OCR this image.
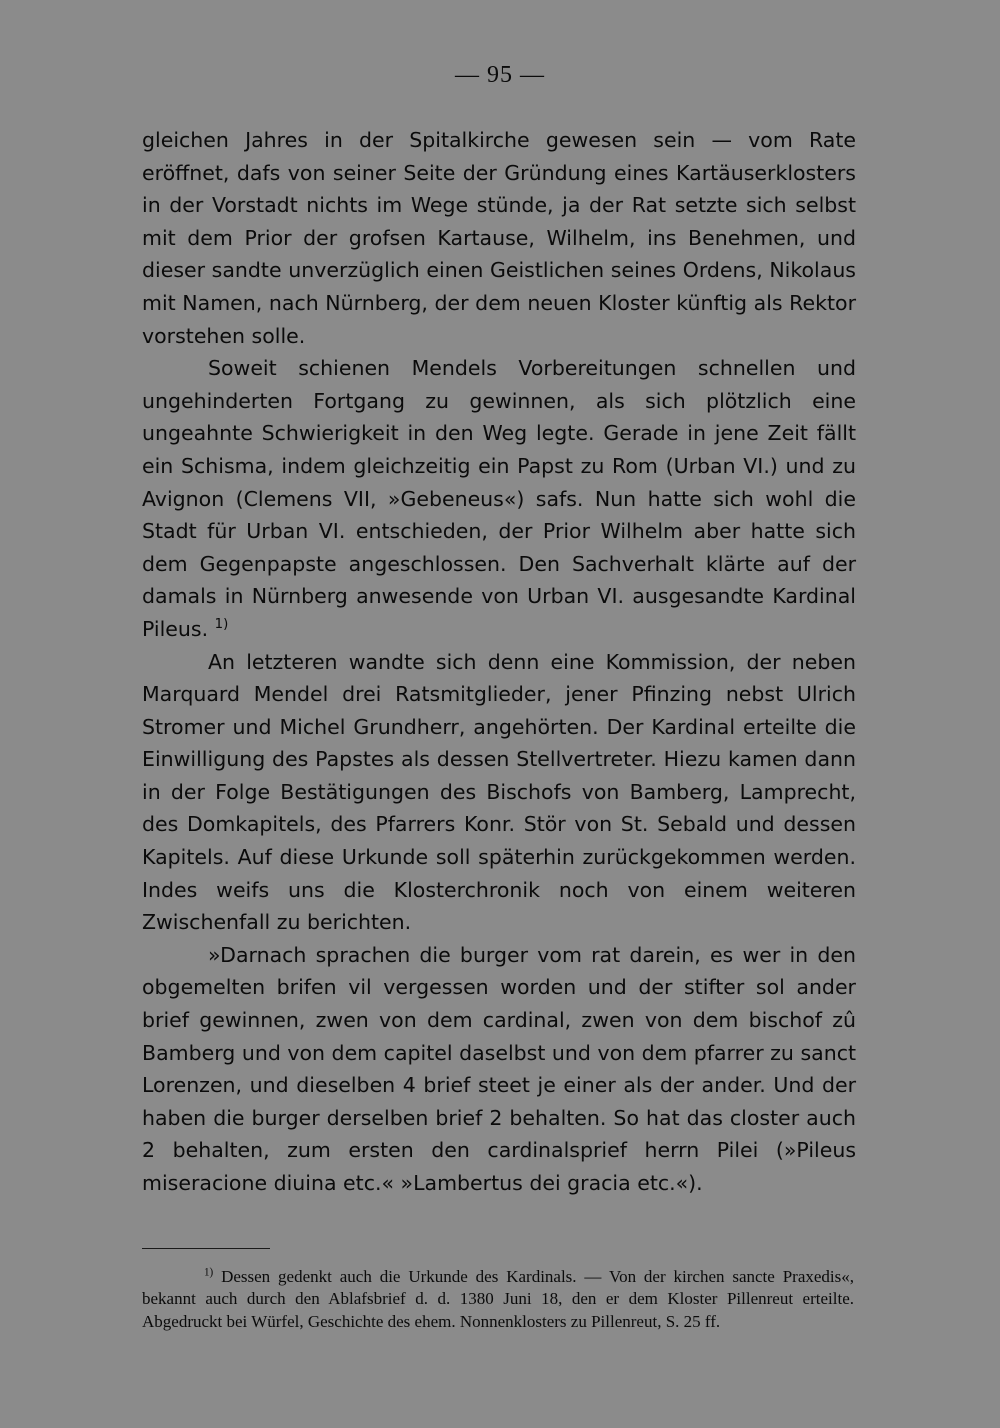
— 95 —

gleichen Jahres in der Spitalkirche gewesen sein — vom Rate eröffnet, dafs von seiner Seite der Gründung eines Kartäuserklosters in der Vorstadt nichts im Wege stünde, ja der Rat setzte sich selbst mit dem Prior der grofsen Kartause, Wilhelm, ins Benehmen, und dieser sandte unverzüglich einen Geistlichen seines Ordens, Nikolaus mit Namen, nach Nürnberg, der dem neuen Kloster künftig als Rektor vorstehen solle.

Soweit schienen Mendels Vorbereitungen schnellen und ungehinderten Fortgang zu gewinnen, als sich plötzlich eine ungeahnte Schwierigkeit in den Weg legte. Gerade in jene Zeit fällt ein Schisma, indem gleichzeitig ein Papst zu Rom (Urban VI.) und zu Avignon (Clemens VII, »Gebeneus«) safs. Nun hatte sich wohl die Stadt für Urban VI. entschieden, der Prior Wilhelm aber hatte sich dem Gegenpapste angeschlossen. Den Sachverhalt klärte auf der damals in Nürnberg anwesende von Urban VI. ausgesandte Kardinal Pileus. $^{1)}$

An letzteren wandte sich denn eine Kommission, der neben Marquard Mendel drei Ratsmitglieder, jener Pfinzing nebst Ulrich Stromer und Michel Grundherr, angehörten. Der Kardinal erteilte die Einwilligung des Papstes als dessen Stellvertreter. Hiezu kamen dann in der Folge Bestätigungen des Bischofs von Bamberg, Lamprecht, des Domkapitels, des Pfarrers Konr. Stör von St. Sebald und dessen Kapitels. Auf diese Urkunde soll späterhin zurückgekommen werden. Indes weifs uns die Klosterchronik noch von einem weiteren Zwischenfall zu berichten.

»Darnach sprachen die burger vom rat darein, es wer in den obgemelten brifen vil vergessen worden und der stifter sol ander brief gewinnen, zwen von dem cardinal, zwen von dem bischof zû Bamberg und von dem capitel daselbst und von dem pfarrer zu sanct Lorenzen, und dieselben 4 brief steet je einer als der ander. Und der haben die burger derselben brief 2 behalten. So hat das closter auch 2 behalten, zum ersten den cardinalsprief herrn Pilei (»Pileus miseracione diuina etc.« »Lambertus dei gracia etc.«).

$^{1)}$ Dessen gedenkt auch die Urkunde des Kardinals. — Von der kirchen sancte Praxedis«, bekannt auch durch den Ablafsbrief d. d. 1380 Juni 18, den er dem Kloster Pillenreut erteilte. Abgedruckt bei Würfel, Geschichte des ehem. Nonnenklosters zu Pillenreut, S. 25 ff.
